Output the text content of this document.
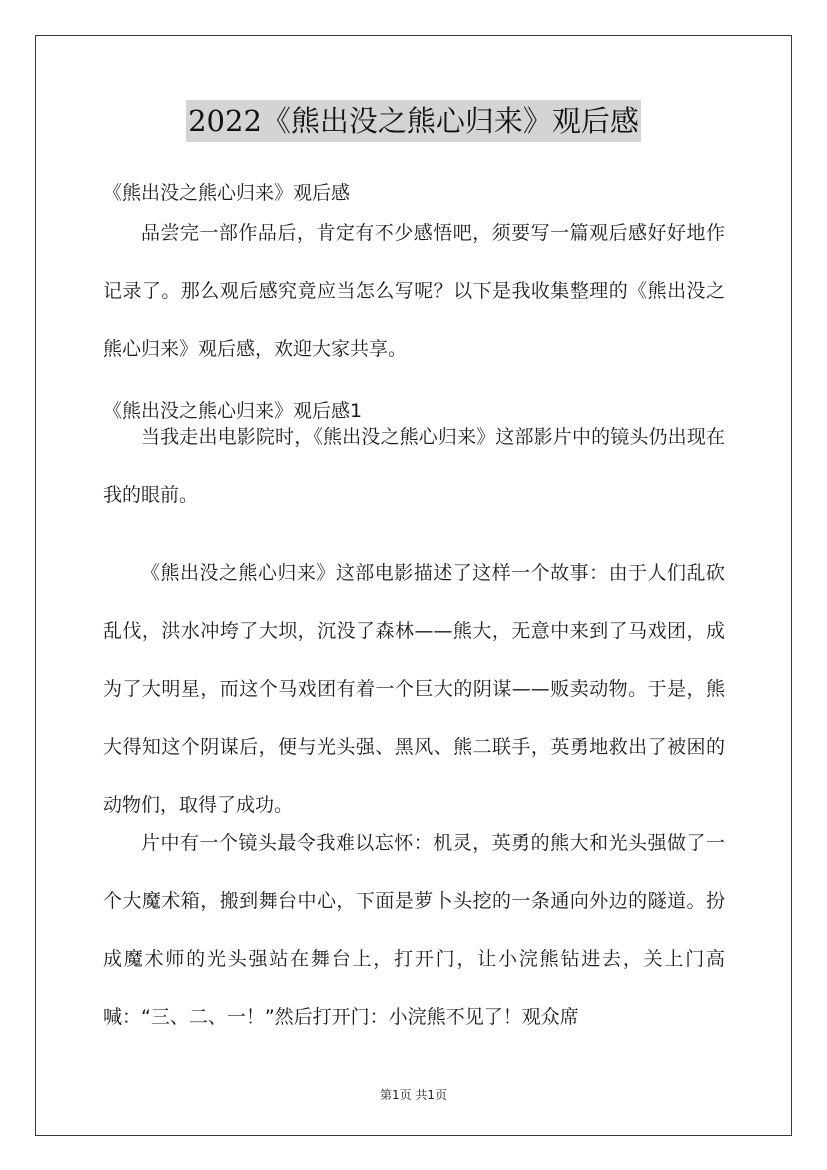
2022《熊出没之熊心归来》观后感
《熊出没之熊心归来》观后感

品尝完一部作品后，肯定有不少感悟吧，须要写一篇观后感好好地作记录了。那么观后感究竟应当怎么写呢？以下是我收集整理的《熊出没之熊心归来》观后感，欢迎大家共享。

《熊出没之熊心归来》观后感1

当我走出电影院时，《熊出没之熊心归来》这部影片中的镜头仍出现在我的眼前。

《熊出没之熊心归来》这部电影描述了这样一个故事：由于人们乱砍乱伐，洪水冲垮了大坝，沉没了森林——熊大，无意中来到了马戏团，成为了大明星，而这个马戏团有着一个巨大的阴谋——贩卖动物。于是，熊大得知这个阴谋后，便与光头强、黑风、熊二联手，英勇地救出了被困的动物们，取得了成功。

片中有一个镜头最令我难以忘怀：机灵，英勇的熊大和光头强做了一个大魔术箱，搬到舞台中心，下面是萝卜头挖的一条通向外边的隧道。扮成魔术师的光头强站在舞台上，打开门，让小浣熊钻进去，关上门高喊：“三、二、一！”然后打开门：小浣熊不见了！观众席

第1页 共1页
